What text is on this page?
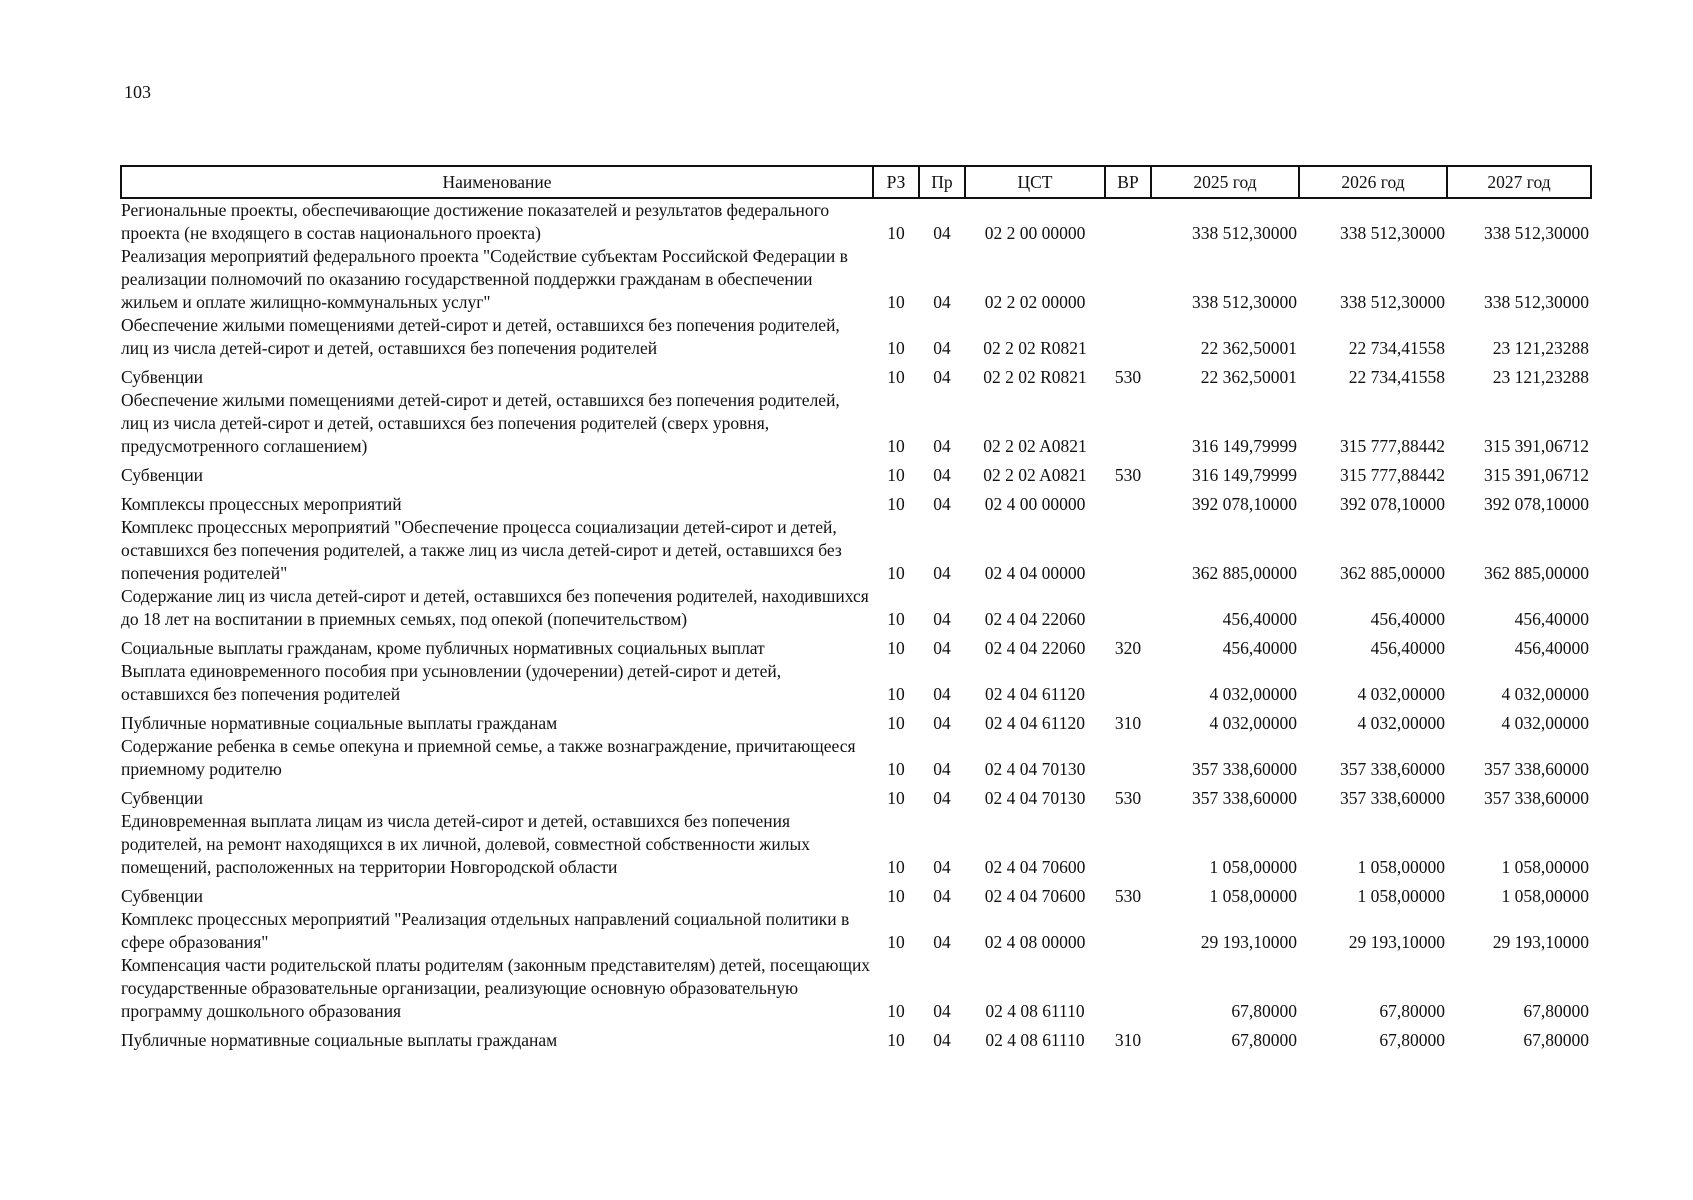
103
Наименование	РЗ	Пр	ЦСТ	ВР	2025 год	2026 год	2027 год
Региональные проекты, обеспечивающие достижение показателей и результатов федерального проекта (не входящего в состав национального проекта)	10	04	02 2 00 00000		338 512,30000	338 512,30000	338 512,30000
Реализация мероприятий федерального проекта "Содействие субъектам Российской Федерации в реализации полномочий по оказанию государственной поддержки гражданам в обеспечении жильем и оплате жилищно-коммунальных услуг"	10	04	02 2 02 00000		338 512,30000	338 512,30000	338 512,30000
Обеспечение жилыми помещениями детей-сирот и детей, оставшихся без попечения родителей, лиц из числа детей-сирот и детей, оставшихся без попечения родителей	10	04	02 2 02 R0821		22 362,50001	22 734,41558	23 121,23288
Субвенции	10	04	02 2 02 R0821	530	22 362,50001	22 734,41558	23 121,23288
Обеспечение жилыми помещениями детей-сирот и детей, оставшихся без попечения родителей, лиц из числа детей-сирот и детей, оставшихся без попечения родителей (сверх уровня, предусмотренного соглашением)	10	04	02 2 02 A0821		316 149,79999	315 777,88442	315 391,06712
Субвенции	10	04	02 2 02 A0821	530	316 149,79999	315 777,88442	315 391,06712
Комплексы процессных мероприятий	10	04	02 4 00 00000		392 078,10000	392 078,10000	392 078,10000
Комплекс процессных мероприятий "Обеспечение процесса социализации детей-сирот и детей, оставшихся без попечения родителей, а также лиц из числа детей-сирот и детей, оставшихся без попечения родителей"	10	04	02 4 04 00000		362 885,00000	362 885,00000	362 885,00000
Содержание лиц из числа детей-сирот и детей, оставшихся без попечения родителей, находившихся до 18 лет на воспитании в приемных семьях, под опекой (попечительством)	10	04	02 4 04 22060		456,40000	456,40000	456,40000
Социальные выплаты гражданам, кроме публичных нормативных социальных выплат	10	04	02 4 04 22060	320	456,40000	456,40000	456,40000
Выплата единовременного пособия при усыновлении (удочерении) детей-сирот и детей, оставшихся без попечения родителей	10	04	02 4 04 61120		4 032,00000	4 032,00000	4 032,00000
Публичные нормативные социальные выплаты гражданам	10	04	02 4 04 61120	310	4 032,00000	4 032,00000	4 032,00000
Содержание ребенка в семье опекуна и приемной семье, а также вознаграждение, причитающееся приемному родителю	10	04	02 4 04 70130		357 338,60000	357 338,60000	357 338,60000
Субвенции	10	04	02 4 04 70130	530	357 338,60000	357 338,60000	357 338,60000
Единовременная выплата лицам из числа детей-сирот и детей, оставшихся без попечения родителей, на ремонт находящихся в их личной, долевой, совместной собственности жилых помещений, расположенных на территории Новгородской области	10	04	02 4 04 70600		1 058,00000	1 058,00000	1 058,00000
Субвенции	10	04	02 4 04 70600	530	1 058,00000	1 058,00000	1 058,00000
Комплекс процессных мероприятий "Реализация отдельных направлений социальной политики в сфере образования"	10	04	02 4 08 00000		29 193,10000	29 193,10000	29 193,10000
Компенсация части родительской платы родителям (законным представителям) детей, посещающих государственные образовательные организации, реализующие основную образовательную программу дошкольного образования	10	04	02 4 08 61110		67,80000	67,80000	67,80000
Публичные нормативные социальные выплаты гражданам	10	04	02 4 08 61110	310	67,80000	67,80000	67,80000
